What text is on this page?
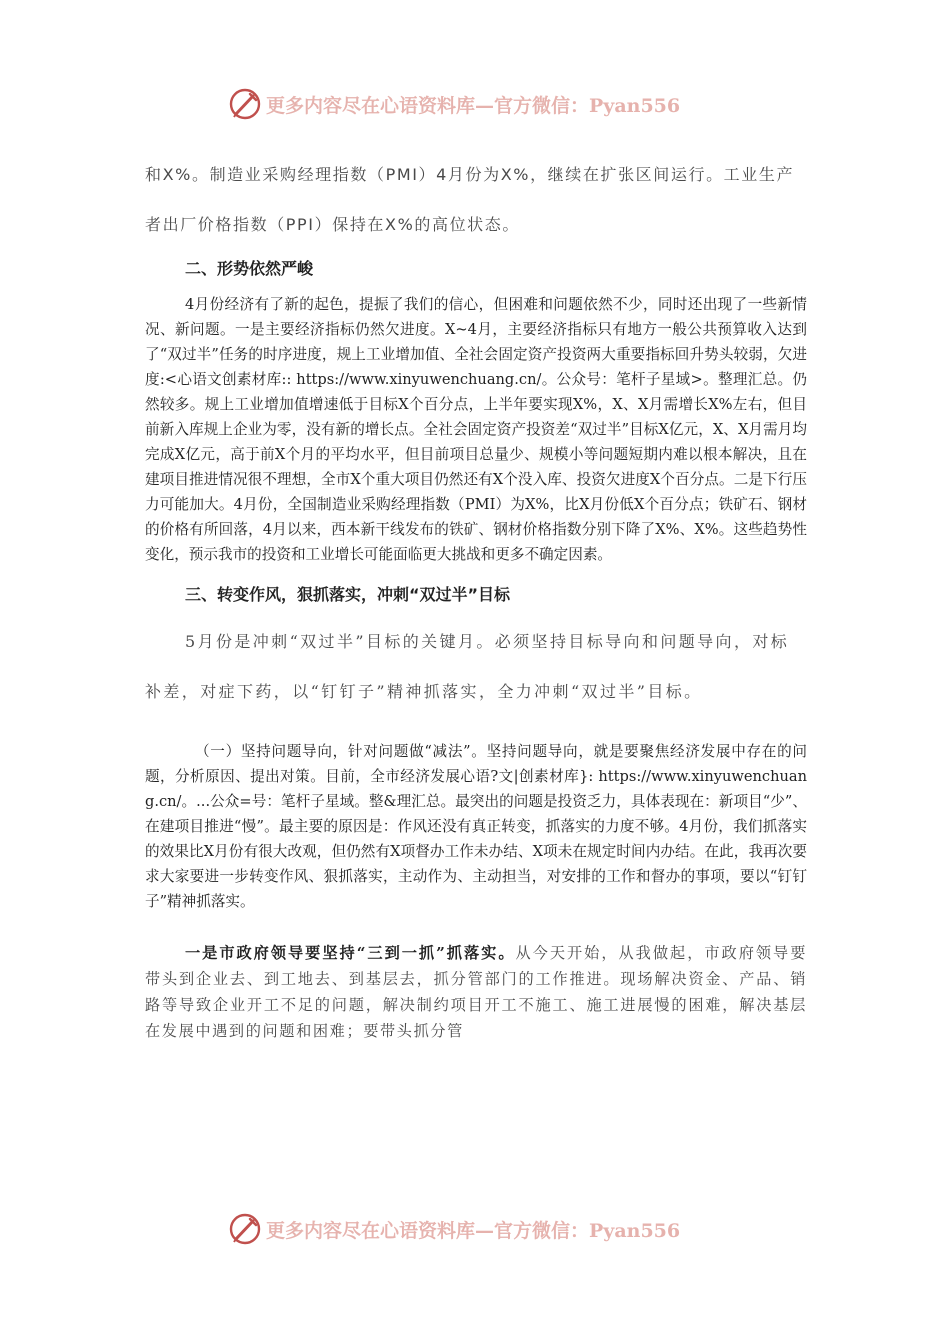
更多内容尽在心语资料库—官方微信：Pyan556

和X%。制造业采购经理指数（PMI）4月份为X%，继续在扩张区间运行。工业生产者出厂价格指数（PPI）保持在X%的高位状态。

二、形势依然严峻

4月份经济有了新的起色，提振了我们的信心，但困难和问题依然不少，同时还出现了一些新情况、新问题。一是主要经济指标仍然欠进度。X~4月，主要经济指标只有地方一般公共预算收入达到了“双过半”任务的时序进度，规上工业增加值、全社会固定资产投资两大重要指标回升势头较弱，欠进度:<心语文创素材库:: https://www.xinyuwenchuang.cn/。公众号：笔杆子星域>。整理汇总。仍然较多。规上工业增加值增速低于目标X个百分点，上半年要实现X%，X、X月需增长X%左右，但目前新入库规上企业为零，没有新的增长点。全社会固定资产投资差“双过半”目标X亿元，X、X月需月均完成X亿元，高于前X个月的平均水平，但目前项目总量少、规模小等问题短期内难以根本解决，且在建项目推进情况很不理想，全市X个重大项目仍然还有X个没入库、投资欠进度X个百分点。二是下行压力可能加大。4月份，全国制造业采购经理指数（PMI）为X%，比X月份低X个百分点；铁矿石、钢材的价格有所回落，4月以来，西本新干线发布的铁矿、钢材价格指数分别下降了X%、X%。这些趋势性变化，预示我市的投资和工业增长可能面临更大挑战和更多不确定因素。

三、转变作风，狠抓落实，冲刺“双过半”目标

5月份是冲刺“双过半”目标的关键月。必须坚持目标导向和问题导向，对标补差，对症下药，以“钉钉子”精神抓落实，全力冲刺“双过半”目标。

（一）坚持问题导向，针对问题做“减法”。坚持问题导向，就是要聚焦经济发展中存在的问题，分析原因、提出对策。目前，全市经济发展心语?文|创素材库}: https://www.xinyuwenchuang.cn/。...公众=号：笔杆子星域。整&理汇总。最突出的问题是投资乏力，具体表现在：新项目“少”、在建项目推进“慢”。最主要的原因是：作风还没有真正转变，抓落实的力度不够。4月份，我们抓落实的效果比X月份有很大改观，但仍然有X项督办工作未办结、X项未在规定时间内办结。在此，我再次要求大家要进一步转变作风、狠抓落实，主动作为、主动担当，对安排的工作和督办的事项，要以“钉钉子”精神抓落实。

一是市政府领导要坚持“三到一抓”抓落实。从今天开始，从我做起，市政府领导要带头到企业去、到工地去、到基层去，抓分管部门的工作推进。现场解决资金、产品、销路等导致企业开工不足的问题，解决制约项目开工不施工、施工进展慢的困难，解决基层在发展中遇到的问题和困难；要带头抓分管

更多内容尽在心语资料库—官方微信：Pyan556
